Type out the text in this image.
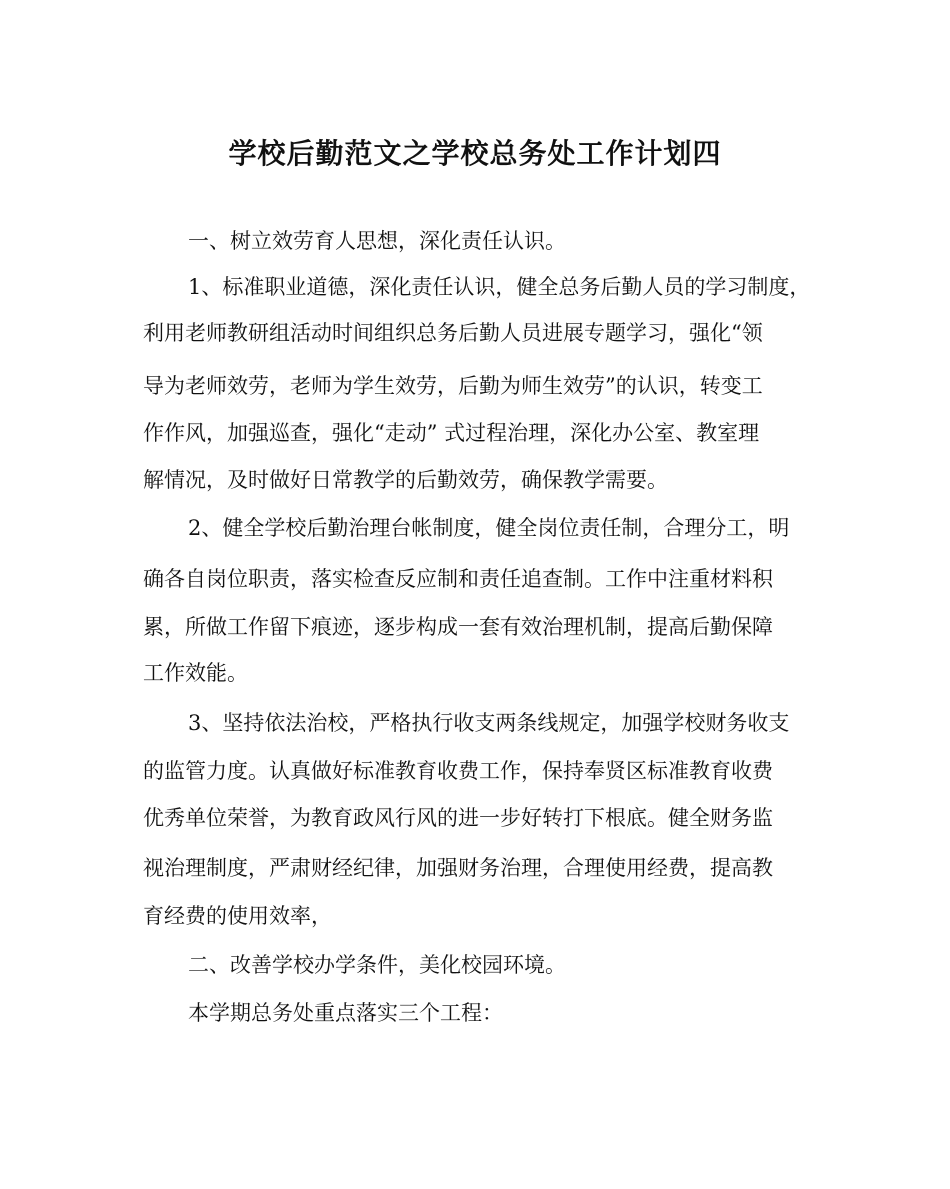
学校后勤范文之学校总务处工作计划四
一、树立效劳育人思想，深化责任认识。
1、标准职业道德，深化责任认识，健全总务后勤人员的学习制度，
利用老师教研组活动时间组织总务后勤人员进展专题学习，强化“领
导为老师效劳，老师为学生效劳，后勤为师生效劳”的认识，转变工
作作风，加强巡查，强化“走动” 式过程治理，深化办公室、教室理
解情况，及时做好日常教学的后勤效劳，确保教学需要。
2、健全学校后勤治理台帐制度，健全岗位责任制，合理分工，明
确各自岗位职责，落实检查反应制和责任追查制。工作中注重材料积
累，所做工作留下痕迹，逐步构成一套有效治理机制，提高后勤保障
工作效能。
3、坚持依法治校，严格执行收支两条线规定，加强学校财务收支
的监管力度。认真做好标准教育收费工作，保持奉贤区标准教育收费
优秀单位荣誉，为教育政风行风的进一步好转打下根底。健全财务监
视治理制度，严肃财经纪律，加强财务治理，合理使用经费，提高教
育经费的使用效率，
二、改善学校办学条件，美化校园环境。
本学期总务处重点落实三个工程：
